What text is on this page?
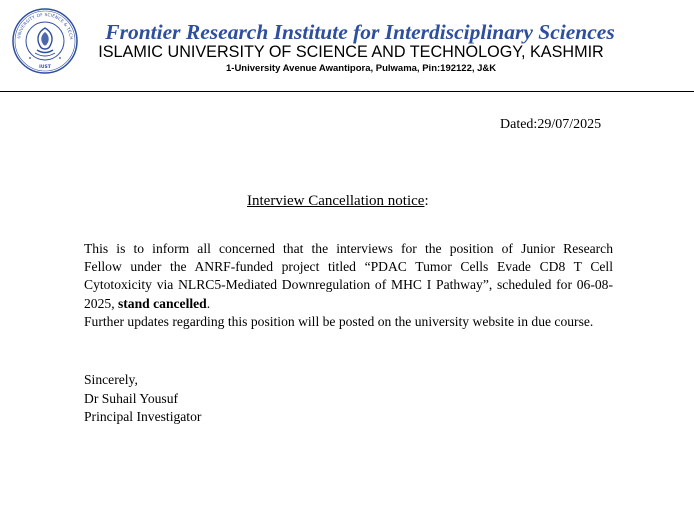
UNIVERSITY OF SCIENCE & TECH
IUST
Frontier Research Institute for Interdisciplinary Sciences
ISLAMIC UNIVERSITY OF SCIENCE AND TECHNOLOGY, KASHMIR
1-University Avenue Awantipora, Pulwama, Pin:192122, J&K
Dated:29/07/2025
Interview Cancellation notice:
This is to inform all concerned that the interviews for the position of Junior Research
Fellow under the ANRF-funded project titled “PDAC Tumor Cells Evade CD8 T Cell
Cytotoxicity via NLRC5-Mediated Downregulation of MHC I Pathway”, scheduled for 06-08-
2025, stand cancelled.
Further updates regarding this position will be posted on the university website in due course.
Sincerely,
Dr Suhail Yousuf
Principal Investigator
